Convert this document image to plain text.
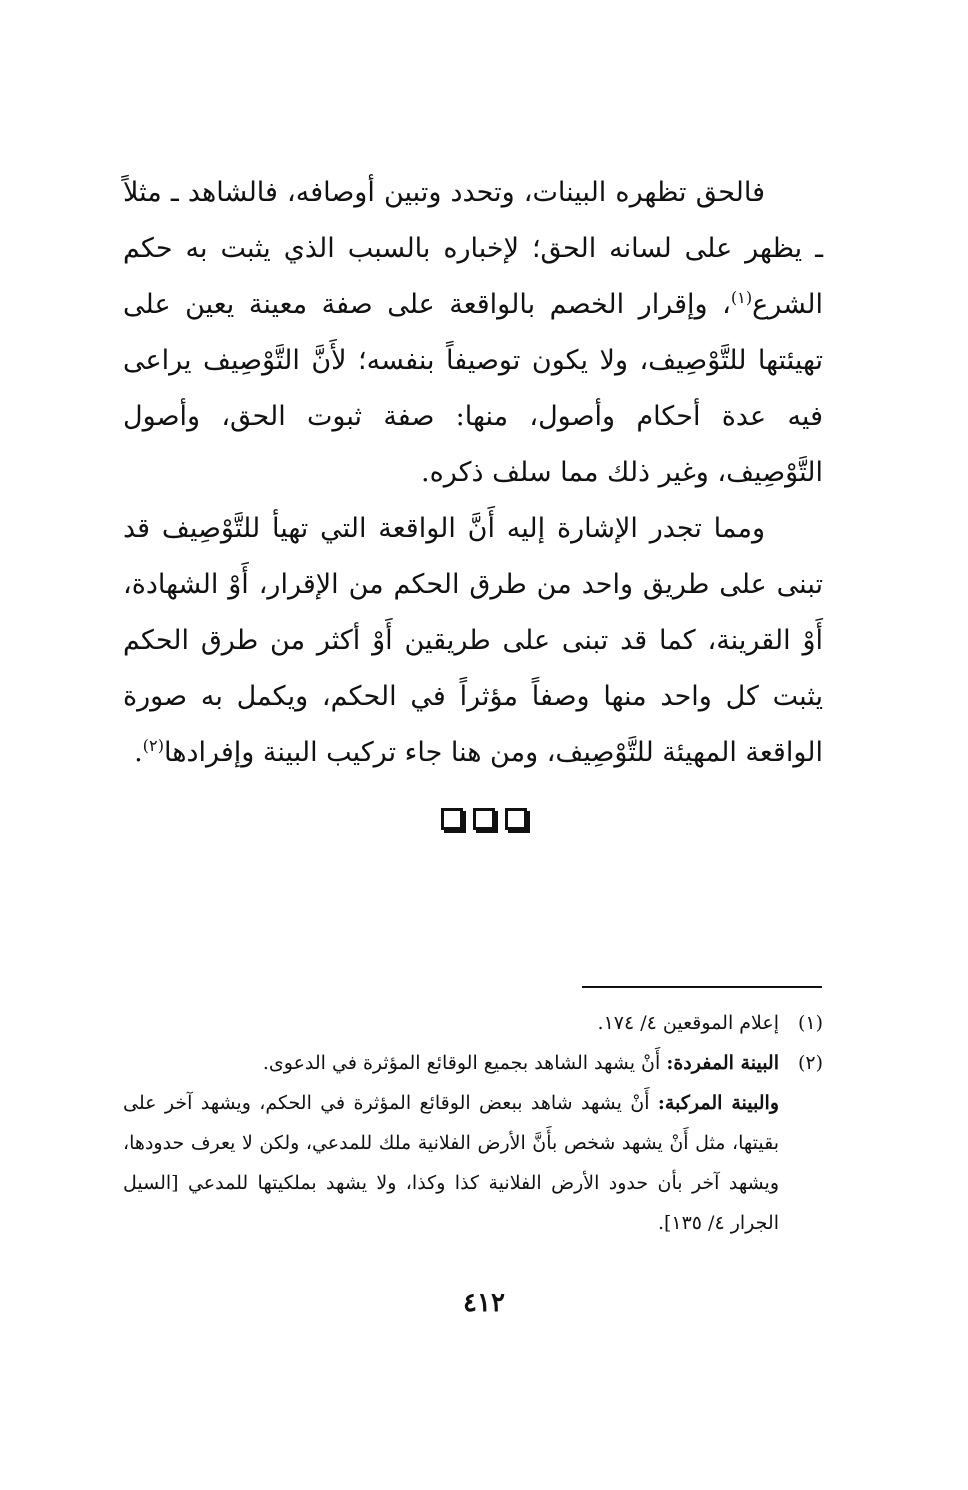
فالحق تظهره البينات، وتحدد وتبين أوصافه، فالشاهد ـ مثلاً ـ يظهر على لسانه الحق؛ لإخباره بالسبب الذي يثبت به حكم الشرع$^{(١)}$، وإقرار الخصم بالواقعة على صفة معينة يعين على تهيئتها للتَّوْصِيف، ولا يكون توصيفاً بنفسه؛ لأَنَّ التَّوْصِيف يراعى فيه عدة أحكام وأصول، منها: صفة ثبوت الحق، وأصول التَّوْصِيف، وغير ذلك مما سلف ذكره.

ومما تجدر الإشارة إليه أَنَّ الواقعة التي تهيأ للتَّوْصِيف قد تبنى على طريق واحد من طرق الحكم من الإقرار، أَوْ الشهادة، أَوْ القرينة، كما قد تبنى على طريقين أَوْ أكثر من طرق الحكم يثبت كل واحد منها وصفاً مؤثراً في الحكم، ويكمل به صورة الواقعة المهيئة للتَّوْصِيف، ومن هنا جاء تركيب البينة وإفرادها$^{(٢)}$.

(١)

إعلام الموقعين ٤/ ١٧٤.

(٢)

البينة المفردة: أَنْ يشهد الشاهد بجميع الوقائع المؤثرة في الدعوى.

والبينة المركبة: أَنْ يشهد شاهد ببعض الوقائع المؤثرة في الحكم، ويشهد آخر على بقيتها، مثل أَنْ يشهد شخص بأَنَّ الأرض الفلانية ملك للمدعي، ولكن لا يعرف حدودها، ويشهد آخر بأن حدود الأرض الفلانية كذا وكذا، ولا يشهد بملكيتها للمدعي [السيل الجرار ٤/ ١٣٥].

٤١٢
